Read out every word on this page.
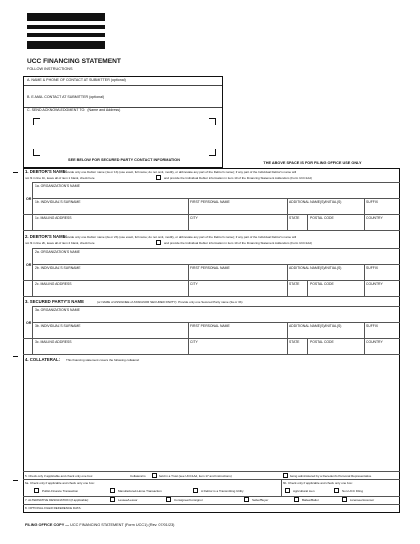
UCC FINANCING STATEMENT
FOLLOW INSTRUCTIONS
A. NAME & PHONE OF CONTACT AT SUBMITTER (optional)
B. E-MAIL CONTACT AT SUBMITTER (optional)
C. SEND ACKNOWLEDGMENT TO: (Name and Address)
SEE BELOW FOR SECURED PARTY CONTACT INFORMATION
THE ABOVE SPACE IS FOR FILING OFFICE USE ONLY
1. DEBTOR'S NAME:
Provide only one Debtor name (1a or 1b) (use exact, full name; do not omit, modify, or abbreviate any part of the Debtor's name); if any part of the Individual Debtor's name will
not fit in line 1b, leave all of item 1 blank, check here	and provide the Individual Debtor information in item 10 of the Financing Statement Addendum (Form UCC1Ad)
1a. ORGANIZATION'S NAME
OR
1b. INDIVIDUAL'S SURNAME	FIRST PERSONAL NAME	ADDITIONAL NAME(S)/INITIAL(S)	SUFFIX
1c. MAILING ADDRESS	CITY	STATE	POSTAL CODE	COUNTRY
2. DEBTOR'S NAME:
Provide only one Debtor name (2a or 2b) (use exact, full name; do not omit, modify, or abbreviate any part of the Debtor's name); if any part of the Individual Debtor's name will
not fit in line 2b, leave all of item 2 blank, check here	and provide the Individual Debtor information in item 10 of the Financing Statement Addendum (Form UCC1Ad)
2a. ORGANIZATION'S NAME
OR
2b. INDIVIDUAL'S SURNAME	FIRST PERSONAL NAME	ADDITIONAL NAME(S)/INITIAL(S)	SUFFIX
2c. MAILING ADDRESS	CITY	STATE	POSTAL CODE	COUNTRY
3. SECURED PARTY'S NAME	(or NAME of ASSIGNEE of ASSIGNOR SECURED PARTY): Provide only one Secured Party name (3a or 3b)
3a. ORGANIZATION'S NAME
OR
3b. INDIVIDUAL'S SURNAME	FIRST PERSONAL NAME	ADDITIONAL NAME(S)/INITIAL(S)	SUFFIX
3c. MAILING ADDRESS	CITY	STATE	POSTAL CODE	COUNTRY
4. COLLATERAL: This financing statement covers the following collateral:
5. Check only if applicable and check only one box:	Collateral is	held in a Trust (see UCC1Ad, item 17 and Instructions)	being administered by a Decedent's Personal Representative
6a. Check only if applicable and check only one box:	6b. Check only if applicable and check only one box:
Public-Finance Transaction	Manufactured-Home Transaction	A Debtor is a Transmitting Utility	Agricultural Lien	Non-UCC Filing
7. ALTERNATIVE DESIGNATION (if applicable):	Lessee/Lessor	Consignee/Consignor	Seller/Buyer	Bailee/Bailor	Licensee/Licensor
8. OPTIONAL FILER REFERENCE DATA:
FILING OFFICE COPY — UCC FINANCING STATEMENT (Form UCC1) (Rev. 07/01/23)
